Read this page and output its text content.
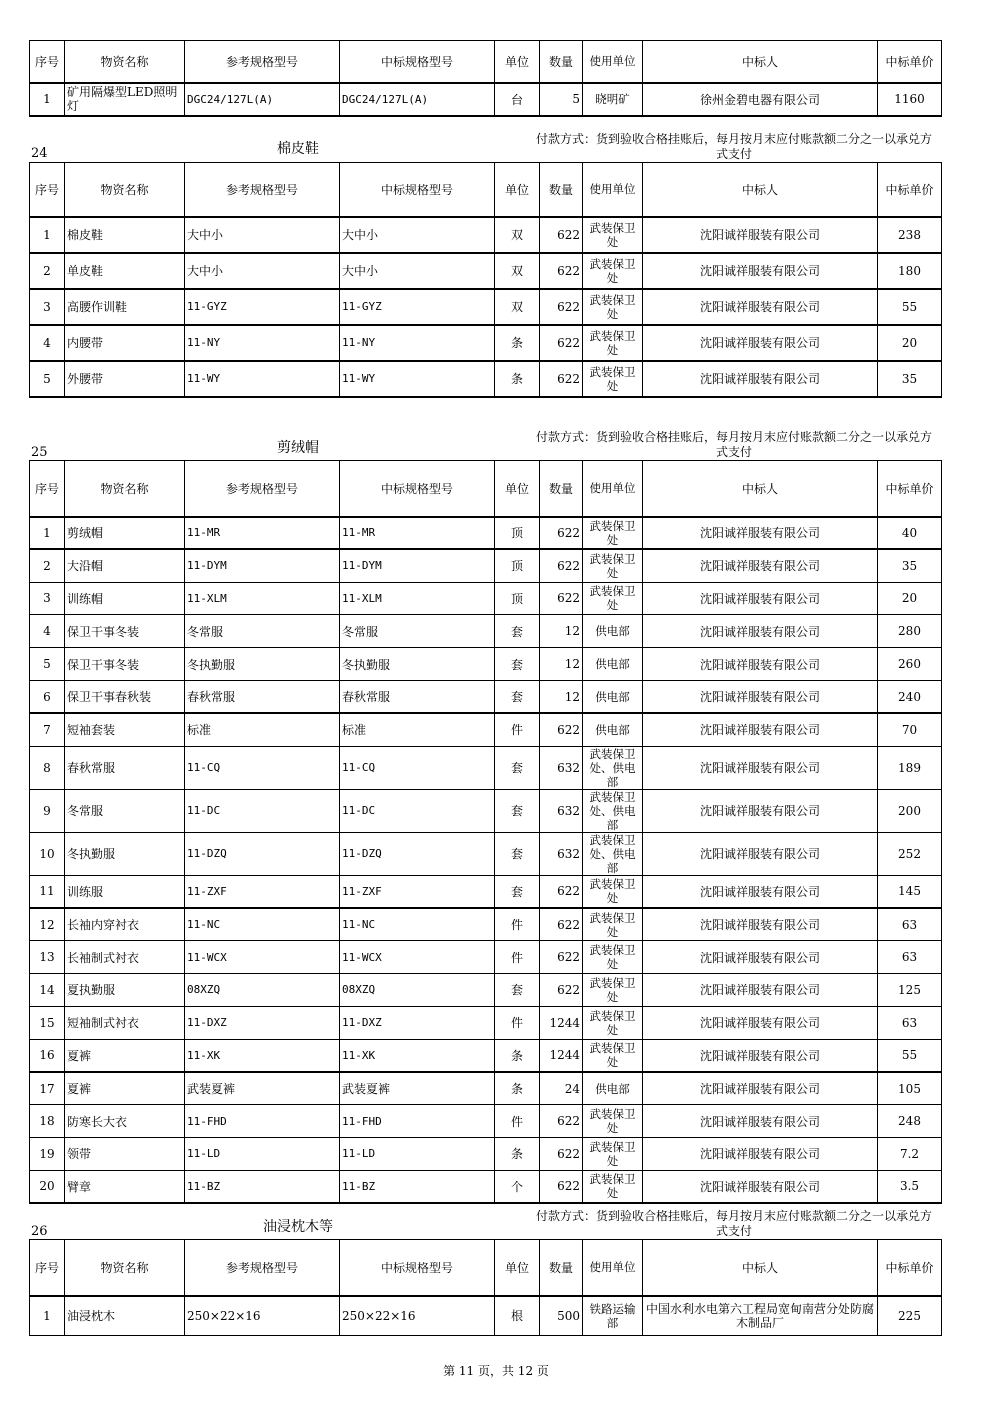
序号	物资名称	参考规格型号	中标规格型号	单位	数量	使用单位	中标人	中标单价
1	矿用隔爆型LED照明灯	DGC24/127L(A)	DGC24/127L(A)	台	5	晓明矿	徐州金碧电器有限公司	1160
24	棉皮鞋
付款方式：货到验收合格挂账后，每月按月末应付账款额二分之一以承兑方式支付
序号	物资名称	参考规格型号	中标规格型号	单位	数量	使用单位	中标人	中标单价
1	棉皮鞋	大中小	大中小	双	622	武装保卫处	沈阳诚祥服装有限公司	238
2	单皮鞋	大中小	大中小	双	622	武装保卫处	沈阳诚祥服装有限公司	180
3	高腰作训鞋	11-GYZ	11-GYZ	双	622	武装保卫处	沈阳诚祥服装有限公司	55
4	内腰带	11-NY	11-NY	条	622	武装保卫处	沈阳诚祥服装有限公司	20
5	外腰带	11-WY	11-WY	条	622	武装保卫处	沈阳诚祥服装有限公司	35
25	剪绒帽
付款方式：货到验收合格挂账后，每月按月末应付账款额二分之一以承兑方式支付
序号	物资名称	参考规格型号	中标规格型号	单位	数量	使用单位	中标人	中标单价
1	剪绒帽	11-MR	11-MR	顶	622	武装保卫处	沈阳诚祥服装有限公司	40
2	大沿帽	11-DYM	11-DYM	顶	622	武装保卫处	沈阳诚祥服装有限公司	35
3	训练帽	11-XLM	11-XLM	顶	622	武装保卫处	沈阳诚祥服装有限公司	20
4	保卫干事冬装	冬常服	冬常服	套	12	供电部	沈阳诚祥服装有限公司	280
5	保卫干事冬装	冬执勤服	冬执勤服	套	12	供电部	沈阳诚祥服装有限公司	260
6	保卫干事春秋装	春秋常服	春秋常服	套	12	供电部	沈阳诚祥服装有限公司	240
7	短袖套装	标准	标准	件	622	供电部	沈阳诚祥服装有限公司	70
8	春秋常服	11-CQ	11-CQ	套	632	武装保卫处、供电部	沈阳诚祥服装有限公司	189
9	冬常服	11-DC	11-DC	套	632	武装保卫处、供电部	沈阳诚祥服装有限公司	200
10	冬执勤服	11-DZQ	11-DZQ	套	632	武装保卫处、供电部	沈阳诚祥服装有限公司	252
11	训练服	11-ZXF	11-ZXF	套	622	武装保卫处	沈阳诚祥服装有限公司	145
12	长袖内穿衬衣	11-NC	11-NC	件	622	武装保卫处	沈阳诚祥服装有限公司	63
13	长袖制式衬衣	11-WCX	11-WCX	件	622	武装保卫处	沈阳诚祥服装有限公司	63
14	夏执勤服	08XZQ	08XZQ	套	622	武装保卫处	沈阳诚祥服装有限公司	125
15	短袖制式衬衣	11-DXZ	11-DXZ	件	1244	武装保卫处	沈阳诚祥服装有限公司	63
16	夏裤	11-XK	11-XK	条	1244	武装保卫处	沈阳诚祥服装有限公司	55
17	夏裤	武装夏裤	武装夏裤	条	24	供电部	沈阳诚祥服装有限公司	105
18	防寒长大衣	11-FHD	11-FHD	件	622	武装保卫处	沈阳诚祥服装有限公司	248
19	领带	11-LD	11-LD	条	622	武装保卫处	沈阳诚祥服装有限公司	7.2
20	臂章	11-BZ	11-BZ	个	622	武装保卫处	沈阳诚祥服装有限公司	3.5
26	油浸枕木等
付款方式：货到验收合格挂账后，每月按月末应付账款额二分之一以承兑方式支付
序号	物资名称	参考规格型号	中标规格型号	单位	数量	使用单位	中标人	中标单价
1	油浸枕木	250×22×16	250×22×16	根	500	铁路运输部	中国水利水电第六工程局宽甸南营分处防腐木制品厂	225
第 11 页，共 12 页
